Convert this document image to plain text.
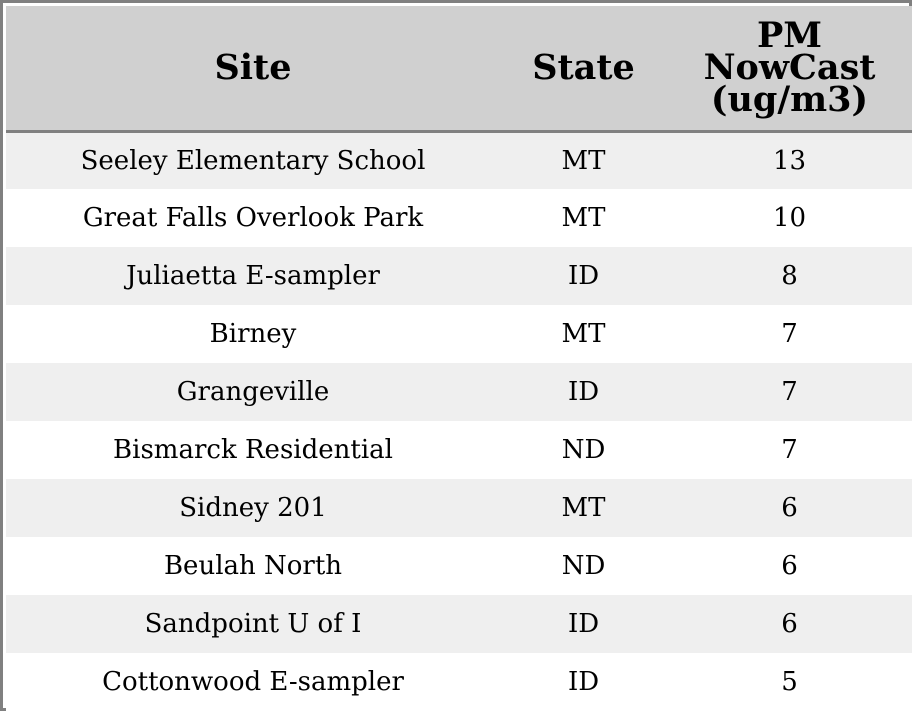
Site	State	PM
NowCast
(ug/m3)

Seeley Elementary School	MT	13
Great Falls Overlook Park	MT	10
Juliaetta E-sampler	ID	8
Birney	MT	7
Grangeville	ID	7
Bismarck Residential	ND	7
Sidney 201	MT	6
Beulah North	ND	6
Sandpoint U of I	ID	6
Cottonwood E-sampler	ID	5
